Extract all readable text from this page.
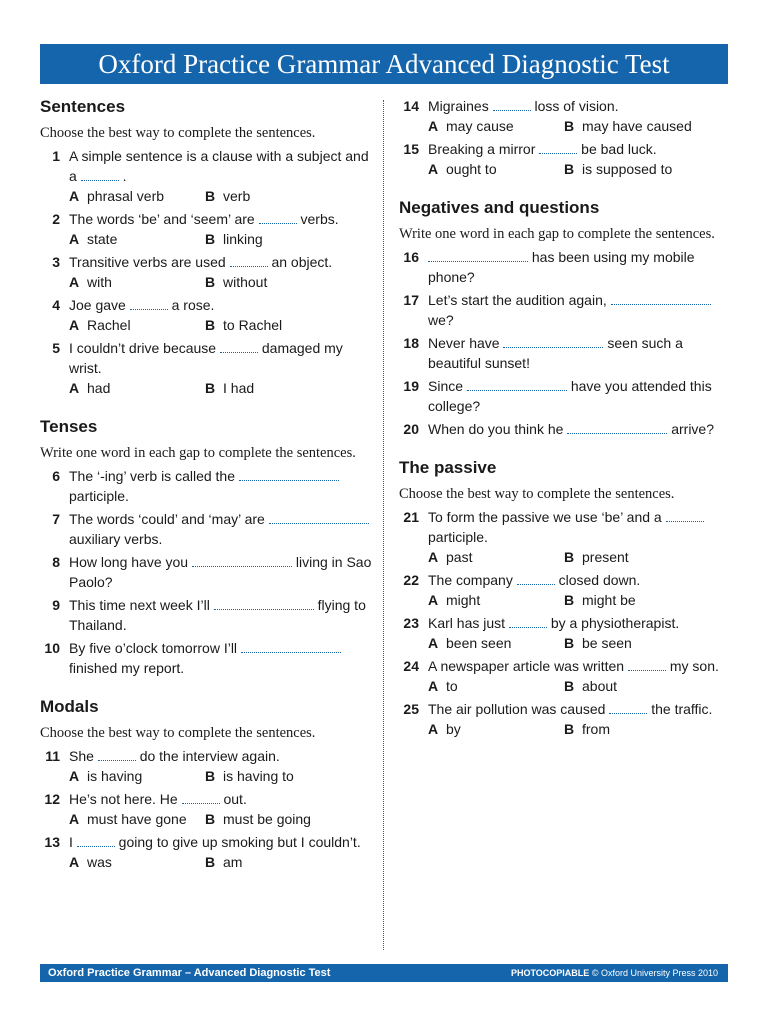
Oxford Practice Grammar Advanced Diagnostic Test
Sentences
Choose the best way to complete the sentences.
1 A simple sentence is a clause with a subject and a	.
A phrasal verb	B verb
2 The words ‘be’ and ‘seem’ are	verbs.
A state	B linking
3 Transitive verbs are used	an object.
A with	B without
4 Joe gave	a rose.
A Rachel	B to Rachel
5 I couldn’t drive because	damaged my wrist.
A had	B I had
Tenses
Write one word in each gap to complete the sentences.
6 The ‘-ing’ verb is called the  participle.
7 The words ‘could’ and ‘may’ are  auxiliary verbs.
8 How long have you	living in Sao Paolo?
9 This time next week I’ll	flying to Thailand.
10 By five o’clock tomorrow I’ll  finished my report.
Modals
Choose the best way to complete the sentences.
11 She	do the interview again.
A is having	B is having to
12 He’s not here. He	out.
A must have gone	B must be going
13 I	going to give up smoking but I couldn’t.
A was	B am
14 Migraines	loss of vision.
A may cause	B may have caused
15 Breaking a mirror	be bad luck.
A ought to	B is supposed to
Negatives and questions
Write one word in each gap to complete the sentences.
16	has been using my mobile phone?
17 Let’s start the audition again,  we?
18 Never have	seen such a beautiful sunset!
19 Since	have you attended this college?
20 When do you think he	arrive?
The passive
Choose the best way to complete the sentences.
21 To form the passive we use ‘be’ and a  participle.
A past	B present
22 The company	closed down.
A might	B might be
23 Karl has just	by a physiotherapist.
A been seen	B be seen
24 A newspaper article was written	my son.
A to	B about
25 The air pollution was caused	the traffic.
A by	B from
Oxford Practice Grammar – Advanced Diagnostic Test	PHOTOCOPIABLE © Oxford University Press 2010
